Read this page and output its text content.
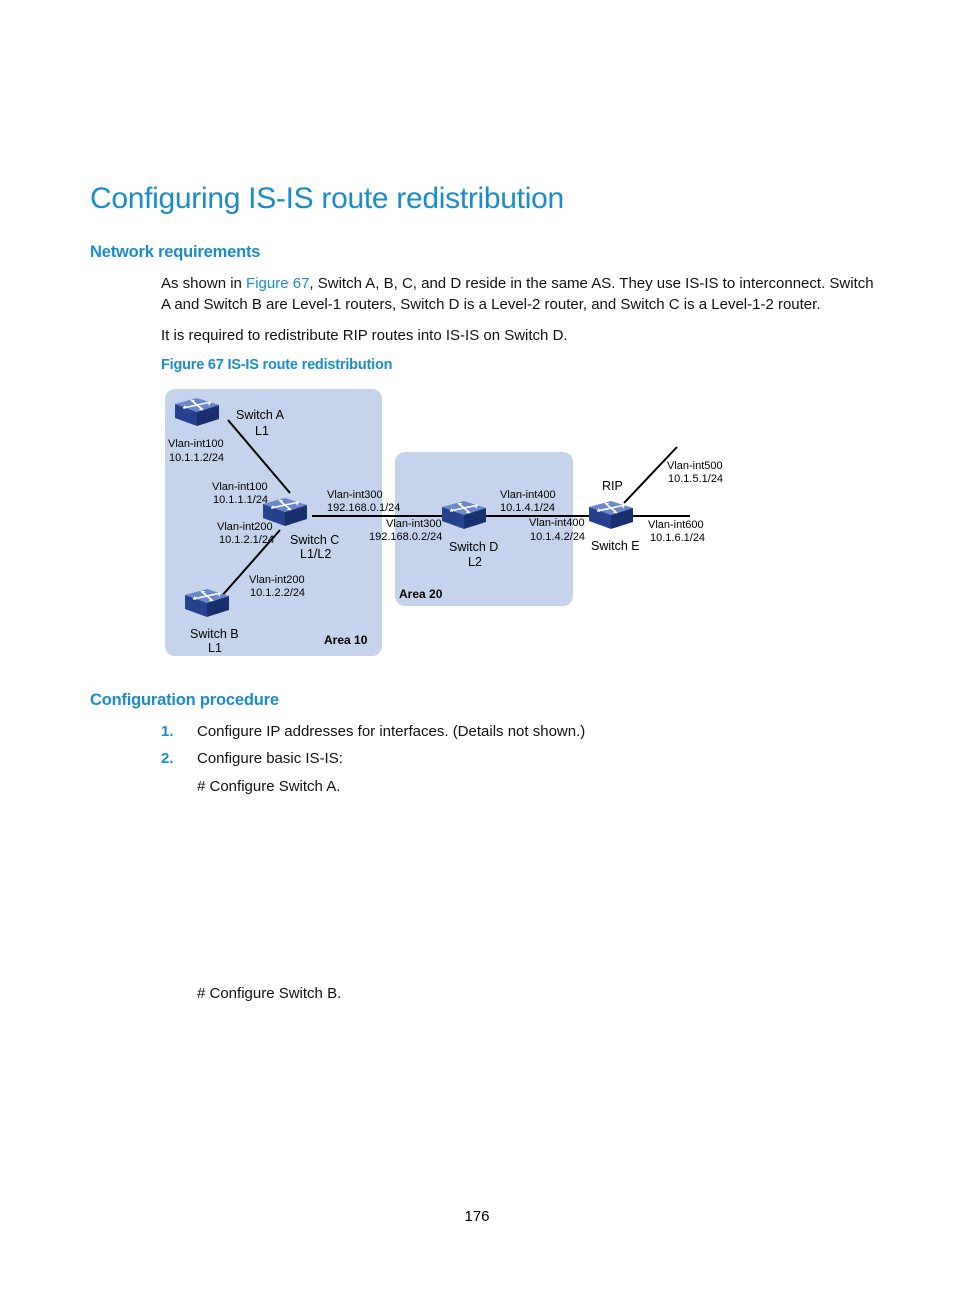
Configuring IS-IS route redistribution
Network requirements
As shown in Figure 67, Switch A, B, C, and D reside in the same AS. They use IS-IS to interconnect. Switch
A and Switch B are Level-1 routers, Switch D is a Level-2 router, and Switch C is a Level-1-2 router.
It is required to redistribute RIP routes into IS-IS on Switch D.
Figure 67 IS-IS route redistribution
Switch A
L1
Vlan-int100
10.1.1.2/24
Vlan-int100
10.1.1.1/24
Vlan-int200
10.1.2.1/24 Switch C
L1/L2
Vlan-int200
10.1.2.2/24
Switch B
L1
Area 10
Vlan-int300
192.168.0.1/24
Vlan-int300
192.168.0.2/24
Switch D
L2
Vlan-int400
10.1.4.1/24
Area 20
Vlan-int400
10.1.4.2/24
RIP
Switch E
Vlan-int500
10.1.5.1/24
Vlan-int600
10.1.6.1/24
Configuration procedure
1. Configure IP addresses for interfaces. (Details not shown.)
2. Configure basic IS-IS:
# Configure Switch A.
# Configure Switch B.
176
